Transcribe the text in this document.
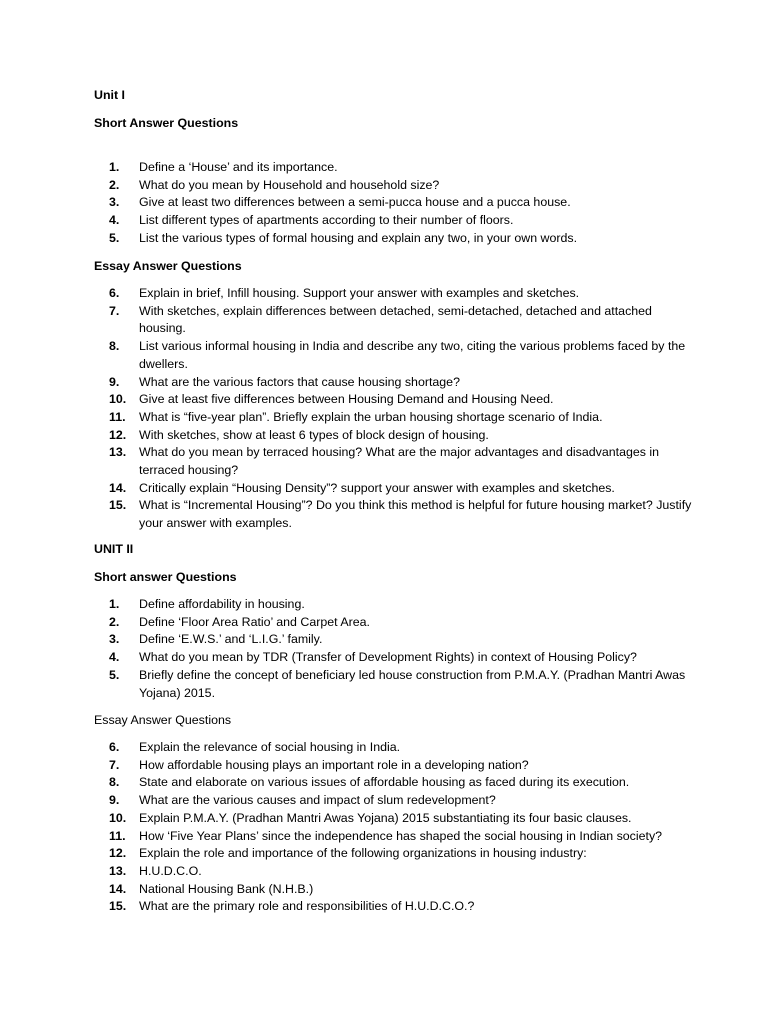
Unit I

Short Answer Questions

1.	Define a ‘House’ and its importance.
2.	What do you mean by Household and household size?
3.	Give at least two differences between a semi-pucca house and a pucca house.
4.	List different types of apartments according to their number of floors.
5.	List the various types of formal housing and explain any two, in your own words.

Essay Answer Questions

6.	Explain in brief, Infill housing. Support your answer with examples and sketches.
7.	With sketches, explain differences between detached, semi-detached, detached and attached housing.
8.	List various informal housing in India and describe any two, citing the various problems faced by the dwellers.
9.	What are the various factors that cause housing shortage?
10.	Give at least five differences between Housing Demand and Housing Need.
11.	What is “five-year plan”. Briefly explain the urban housing shortage scenario of India.
12.	With sketches, show at least 6 types of block design of housing.
13.	What do you mean by terraced housing? What are the major advantages and disadvantages in terraced housing?
14.	Critically explain “Housing Density”? support your answer with examples and sketches.
15.	What is “Incremental Housing”? Do you think this method is helpful for future housing market? Justify your answer with examples.

UNIT II

Short answer Questions

1.	Define affordability in housing.
2.	Define ‘Floor Area Ratio’ and Carpet Area.
3.	Define ‘E.W.S.’ and ‘L.I.G.’ family.
4.	What do you mean by TDR (Transfer of Development Rights) in context of Housing Policy?
5.	Briefly define the concept of beneficiary led house construction from P.M.A.Y. (Pradhan Mantri Awas Yojana) 2015.

Essay Answer Questions

6.	Explain the relevance of social housing in India.
7.	How affordable housing plays an important role in a developing nation?
8.	State and elaborate on various issues of affordable housing as faced during its execution.
9.	What are the various causes and impact of slum redevelopment?
10.	Explain P.M.A.Y. (Pradhan Mantri Awas Yojana) 2015 substantiating its four basic clauses.
11.	How ‘Five Year Plans’ since the independence has shaped the social housing in Indian society?
12.	Explain the role and importance of the following organizations in housing industry:
13.	H.U.D.C.O.
14.	National Housing Bank (N.H.B.)
15.	What are the primary role and responsibilities of H.U.D.C.O.?
